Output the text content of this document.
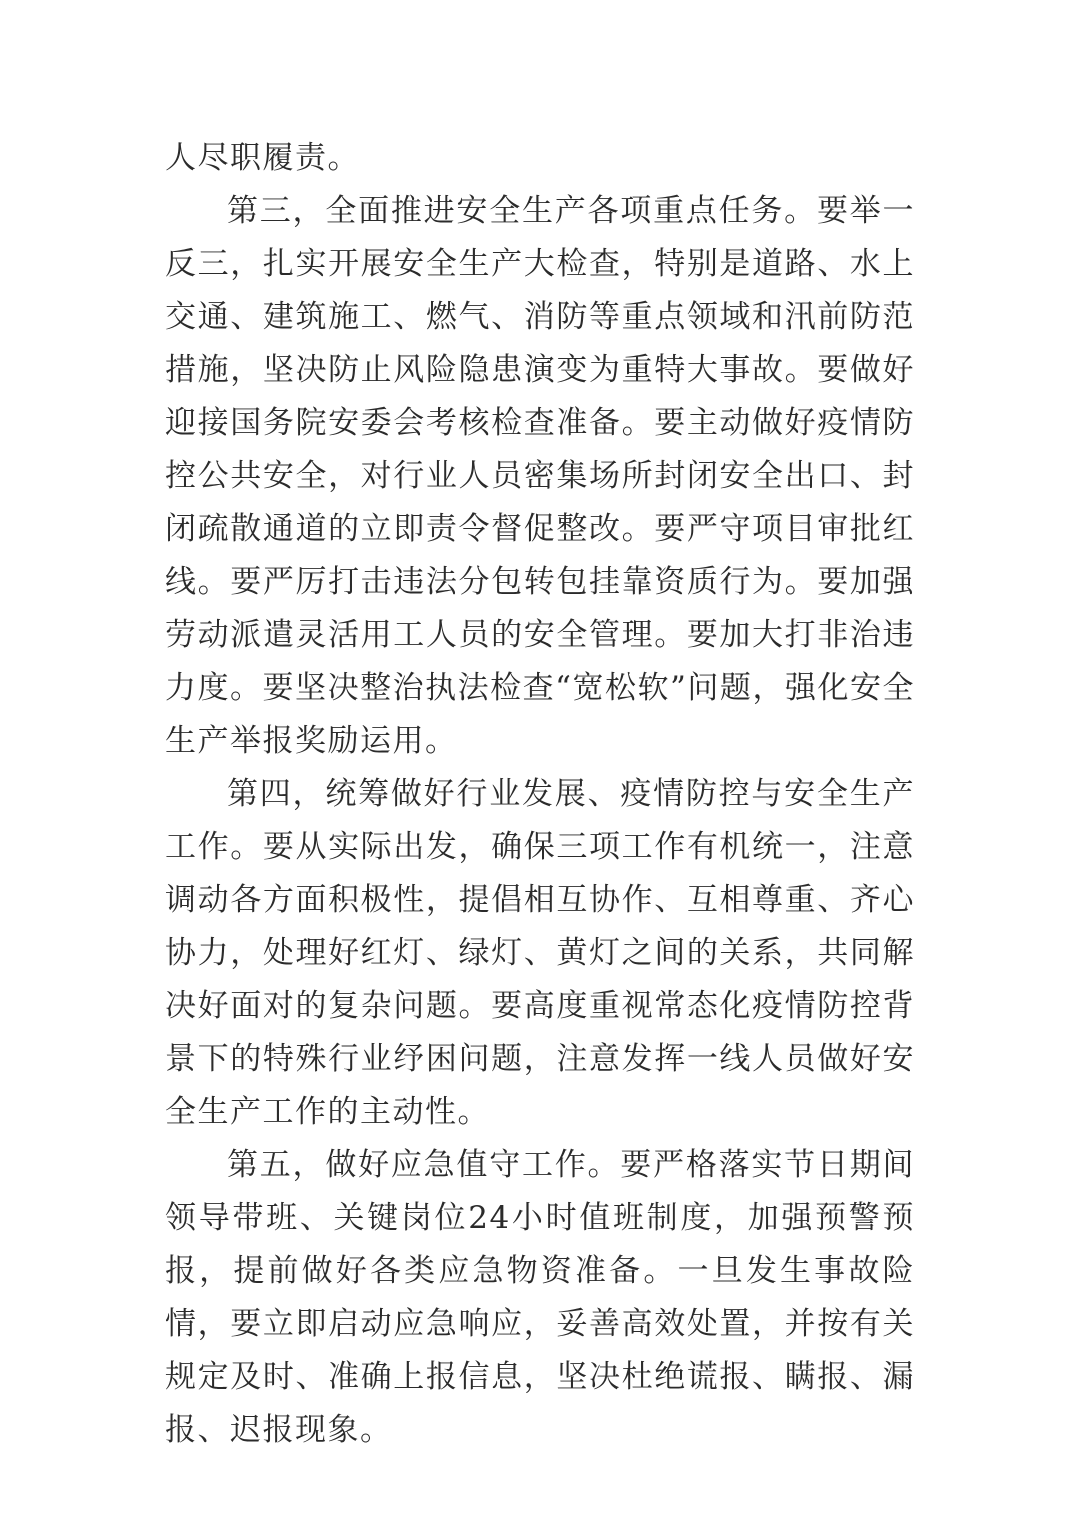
人尽职履责。

第三，全面推进安全生产各项重点任务。要举一反三，扎实开展安全生产大检查，特别是道路、水上交通、建筑施工、燃气、消防等重点领域和汛前防范措施，坚决防止风险隐患演变为重特大事故。要做好迎接国务院安委会考核检查准备。要主动做好疫情防控公共安全，对行业人员密集场所封闭安全出口、封闭疏散通道的立即责令督促整改。要严守项目审批红线。要严厉打击违法分包转包挂靠资质行为。要加强劳动派遣灵活用工人员的安全管理。要加大打非治违力度。要坚决整治执法检查“宽松软”问题，强化安全生产举报奖励运用。

第四，统筹做好行业发展、疫情防控与安全生产工作。要从实际出发，确保三项工作有机统一，注意调动各方面积极性，提倡相互协作、互相尊重、齐心协力，处理好红灯、绿灯、黄灯之间的关系，共同解决好面对的复杂问题。要高度重视常态化疫情防控背景下的特殊行业纾困问题，注意发挥一线人员做好安全生产工作的主动性。

第五，做好应急值守工作。要严格落实节日期间领导带班、关键岗位24小时值班制度，加强预警预报，提前做好各类应急物资准备。一旦发生事故险情，要立即启动应急响应，妥善高效处置，并按有关规定及时、准确上报信息，坚决杜绝谎报、瞒报、漏报、迟报现象。
